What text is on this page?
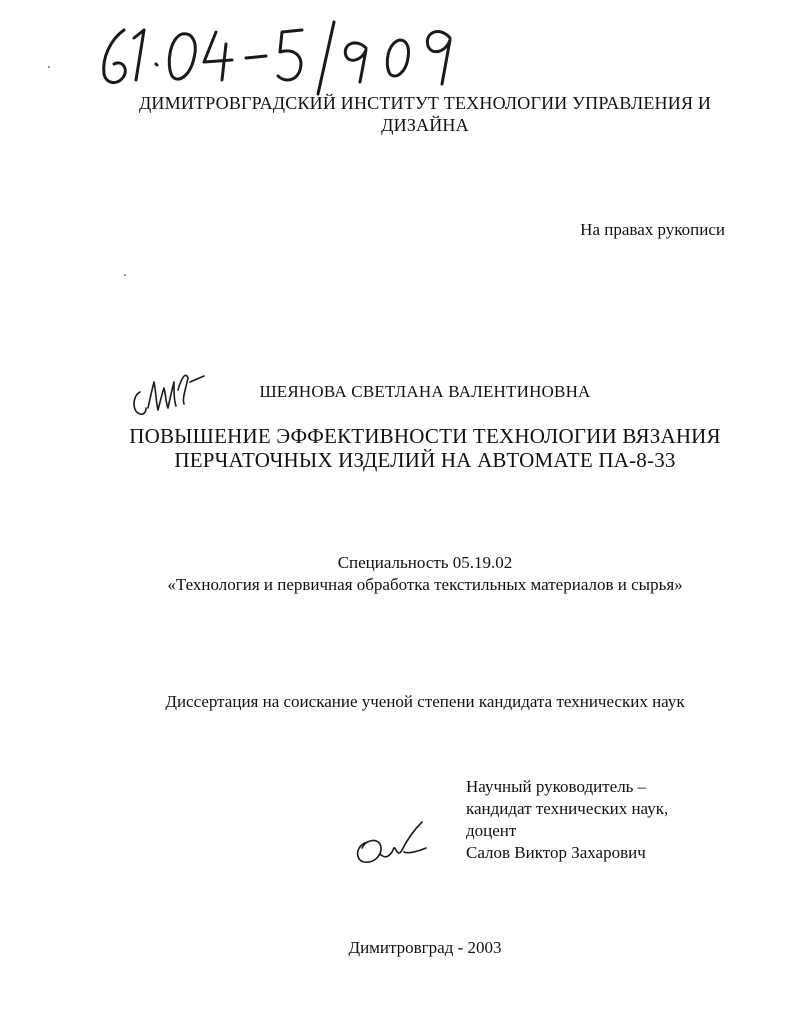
ДИМИТРОВГРАДСКИЙ ИНСТИТУТ ТЕХНОЛОГИИ УПРАВЛЕНИЯ И
ДИЗАЙНА
На правах рукописи
ШЕЯНОВА СВЕТЛАНА ВАЛЕНТИНОВНА
ПОВЫШЕНИЕ ЭФФЕКТИВНОСТИ ТЕХНОЛОГИИ ВЯЗАНИЯ
ПЕРЧАТОЧНЫХ ИЗДЕЛИЙ НА АВТОМАТЕ ПА-8-33
Специальность 05.19.02
«Технология и первичная обработка текстильных материалов и сырья»
Диссертация на соискание ученой степени кандидата технических наук
Научный руководитель –
кандидат технических наук,
доцент
Салов Виктор Захарович
Димитровград - 2003
